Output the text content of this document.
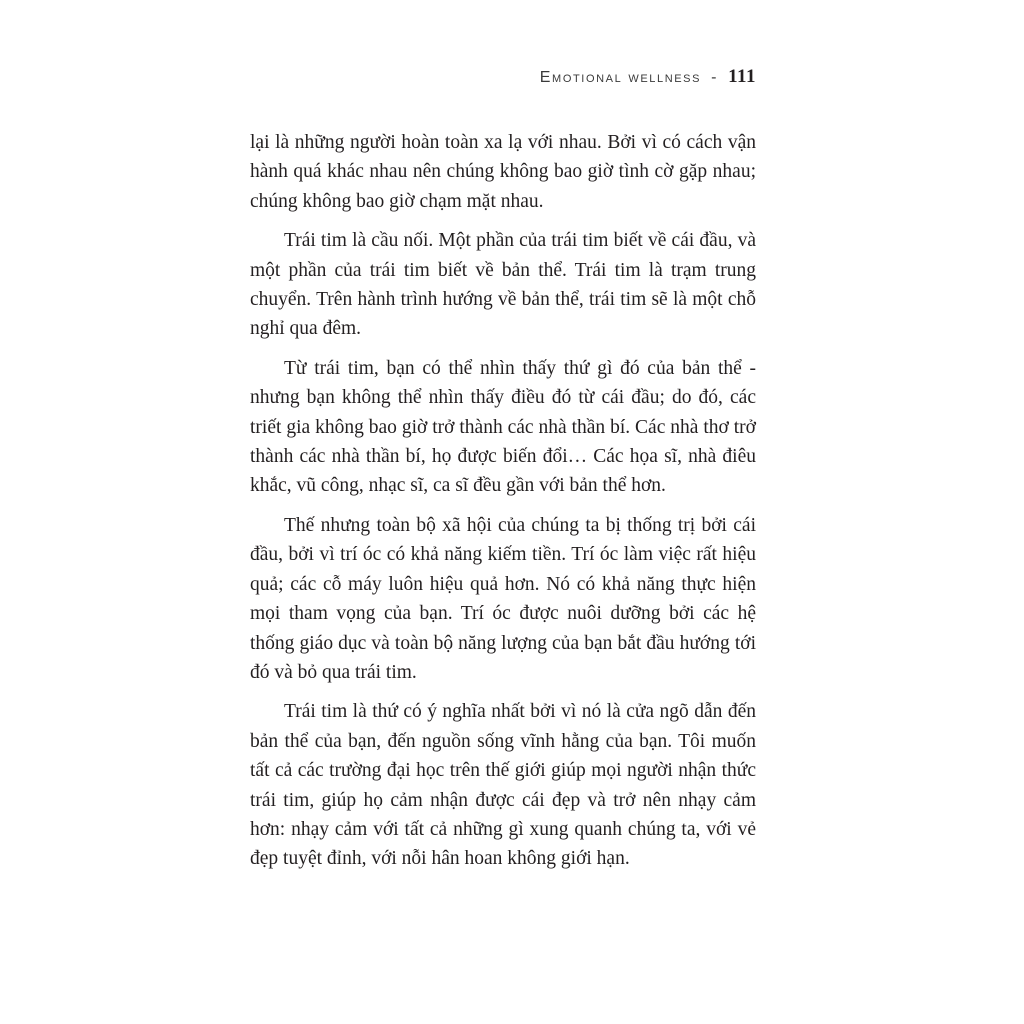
Emotional wellness - 111

lại là những người hoàn toàn xa lạ với nhau. Bởi vì có cách vận hành quá khác nhau nên chúng không bao giờ tình cờ gặp nhau; chúng không bao giờ chạm mặt nhau.

Trái tim là cầu nối. Một phần của trái tim biết về cái đầu, và một phần của trái tim biết về bản thể. Trái tim là trạm trung chuyển. Trên hành trình hướng về bản thể, trái tim sẽ là một chỗ nghỉ qua đêm.

Từ trái tim, bạn có thể nhìn thấy thứ gì đó của bản thể - nhưng bạn không thể nhìn thấy điều đó từ cái đầu; do đó, các triết gia không bao giờ trở thành các nhà thần bí. Các nhà thơ trở thành các nhà thần bí, họ được biến đổi… Các họa sĩ, nhà điêu khắc, vũ công, nhạc sĩ, ca sĩ đều gần với bản thể hơn.

Thế nhưng toàn bộ xã hội của chúng ta bị thống trị bởi cái đầu, bởi vì trí óc có khả năng kiếm tiền. Trí óc làm việc rất hiệu quả; các cỗ máy luôn hiệu quả hơn. Nó có khả năng thực hiện mọi tham vọng của bạn. Trí óc được nuôi dưỡng bởi các hệ thống giáo dục và toàn bộ năng lượng của bạn bắt đầu hướng tới đó và bỏ qua trái tim.

Trái tim là thứ có ý nghĩa nhất bởi vì nó là cửa ngõ dẫn đến bản thể của bạn, đến nguồn sống vĩnh hằng của bạn. Tôi muốn tất cả các trường đại học trên thế giới giúp mọi người nhận thức trái tim, giúp họ cảm nhận được cái đẹp và trở nên nhạy cảm hơn: nhạy cảm với tất cả những gì xung quanh chúng ta, với vẻ đẹp tuyệt đỉnh, với nỗi hân hoan không giới hạn.
